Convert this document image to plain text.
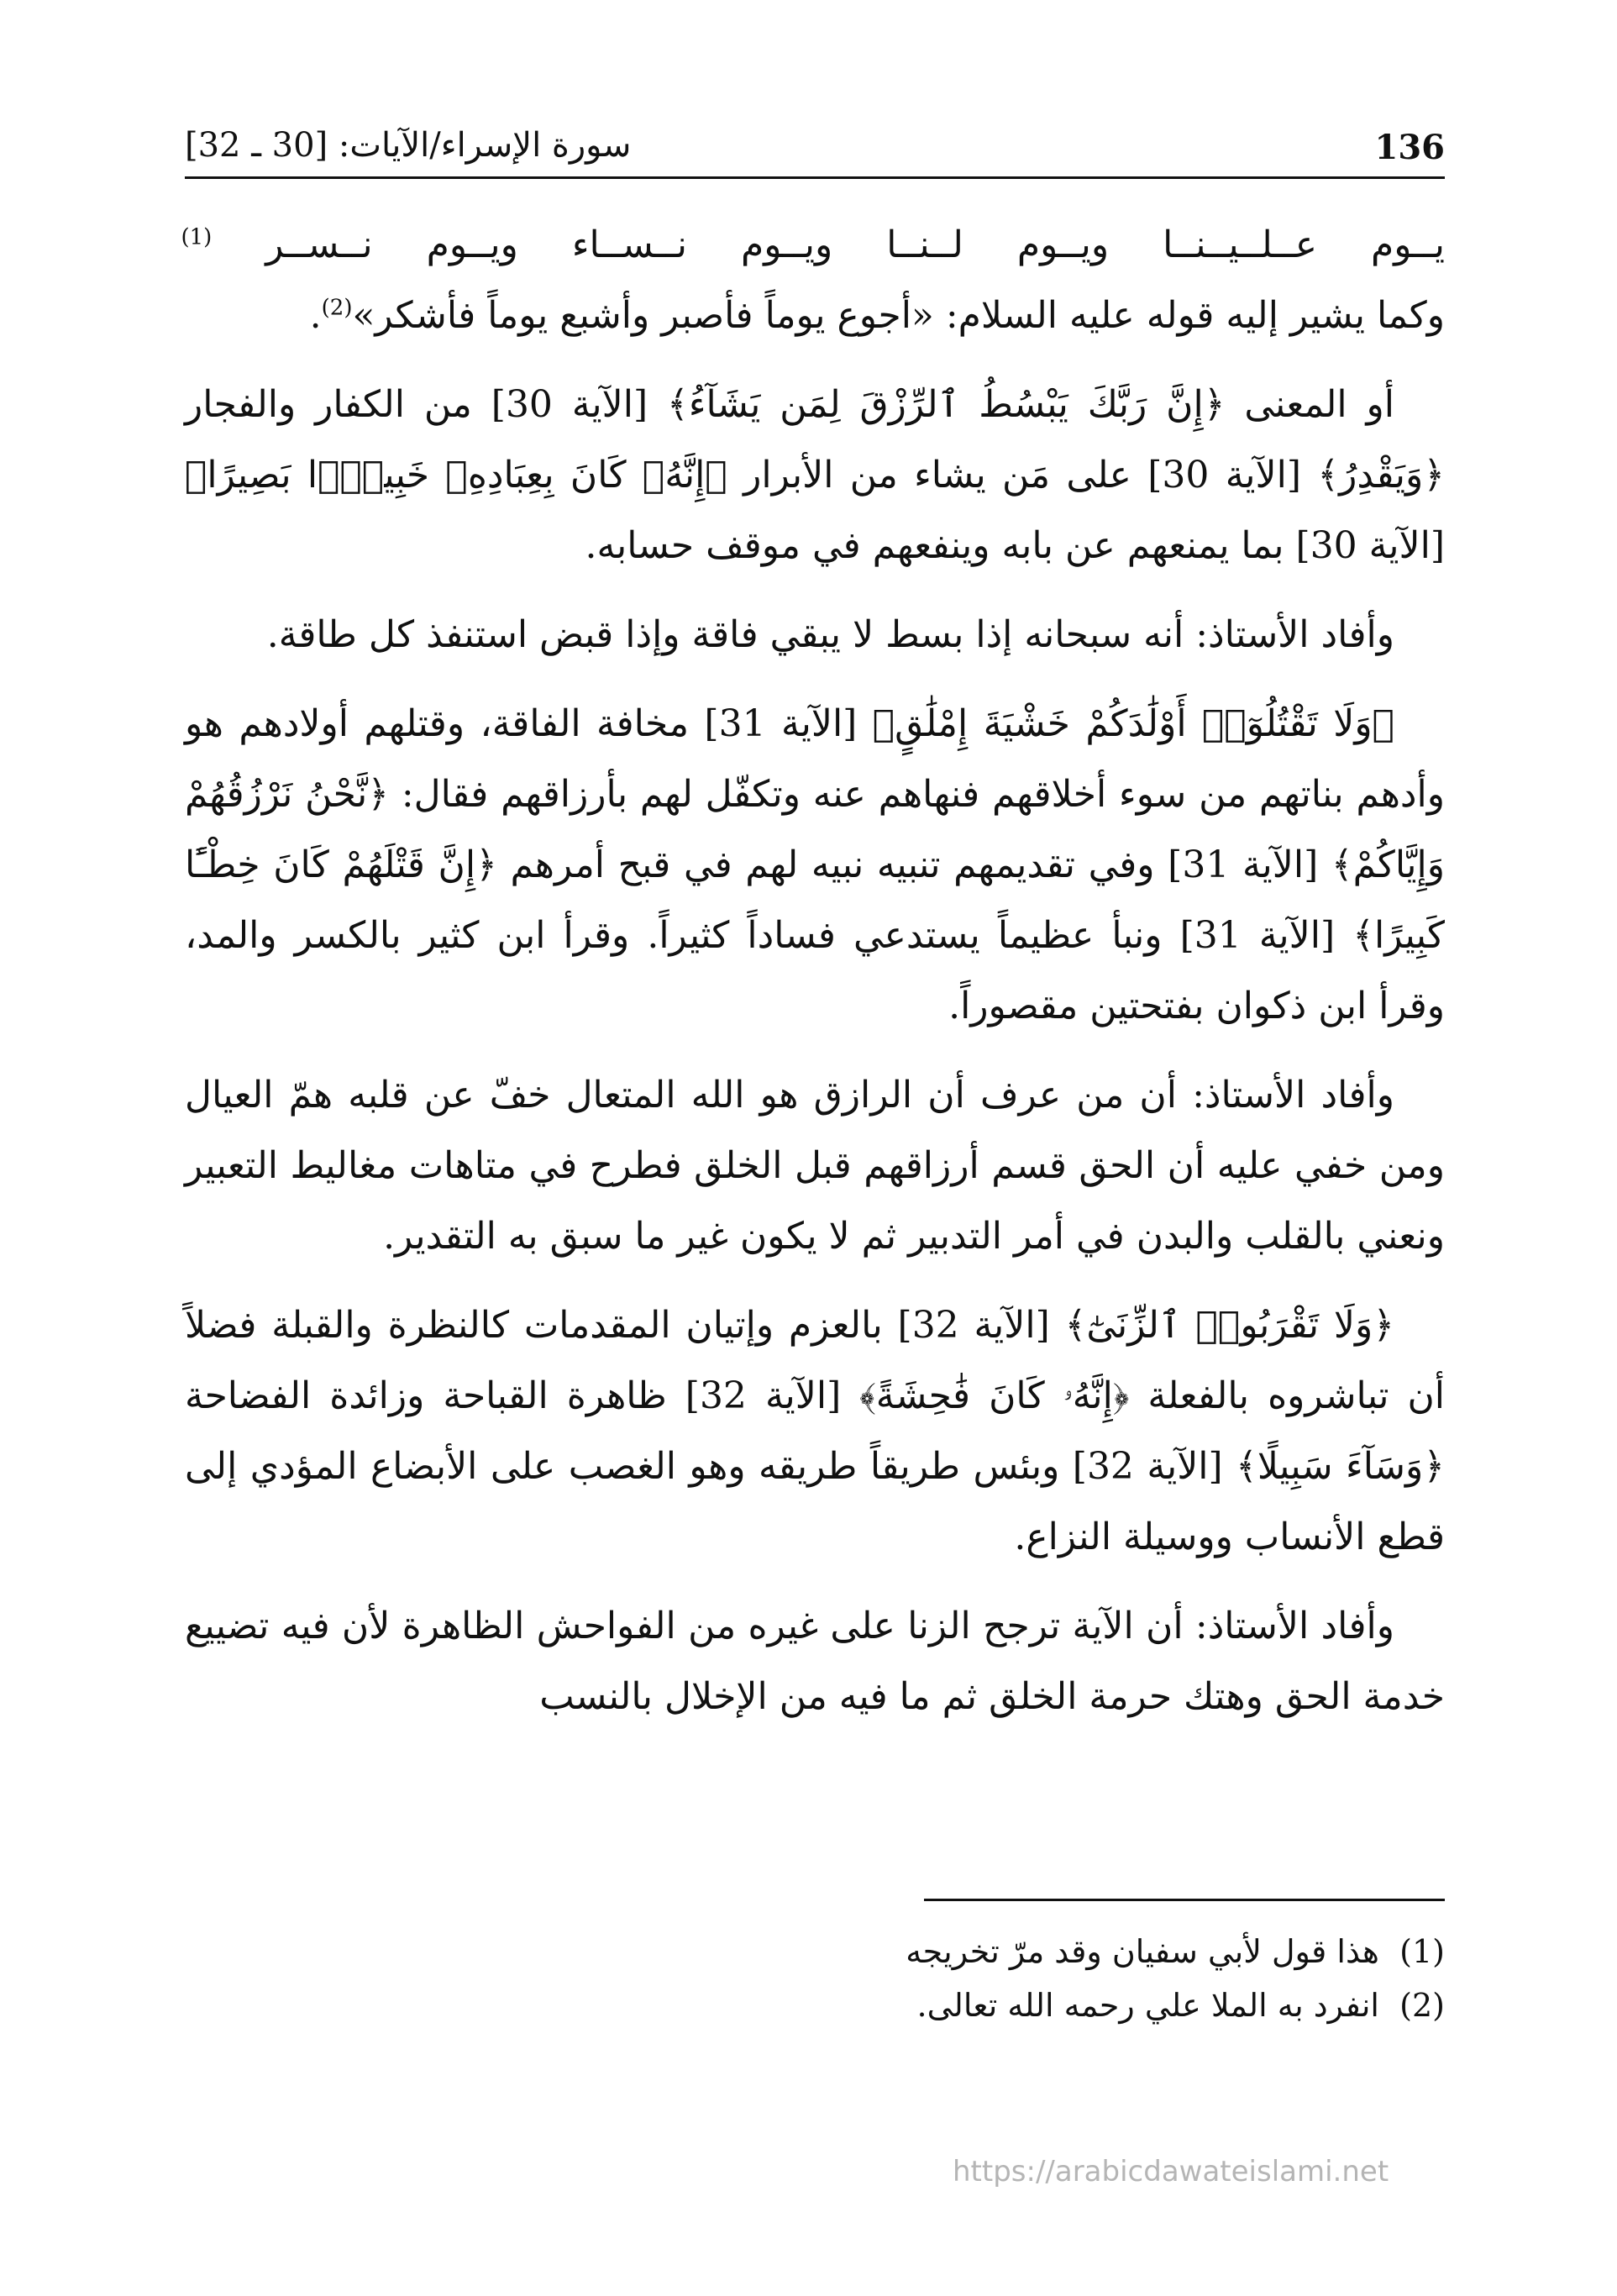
سورة الإسراء/الآيات: [30 ـ 32]	136
يــوم عــلــيــنــا ويــوم لــنــا ويــوم نــســاء ويــوم نــســر $^{(1)}$

وكما يشير إليه قوله عليه السلام: «أجوع يوماً فأصبر وأشبع يوماً فأشكر»$^{(2)}$.

أو المعنى ﴿إِنَّ رَبَّكَ يَبْسُطُ ٱلرِّزْقَ لِمَن يَشَآءُ﴾ [الآية 30] من الكفار والفجار ﴿وَيَقْدِرُ﴾ [الآية 30] على مَن يشاء من الأبرار ﴿إِنَّهُۥ كَانَ بِعِبَادِهِۦ خَبِيرًۢا بَصِيرًا﴾ [الآية 30] بما يمنعهم عن بابه وينفعهم في موقف حسابه.

وأفاد الأستاذ: أنه سبحانه إذا بسط لا يبقي فاقة وإذا قبض استنفذ كل طاقة.

﴿وَلَا تَقْتُلُوٓا۟ أَوْلَٰدَكُمْ خَشْيَةَ إِمْلَٰقٍ﴾ [الآية 31] مخافة الفاقة، وقتلهم أولادهم هو وأدهم بناتهم من سوء أخلاقهم فنهاهم عنه وتكفّل لهم بأرزاقهم فقال: ﴿نَّحْنُ نَرْزُقُهُمْ وَإِيَّاكُمْ﴾ [الآية 31] وفي تقديمهم تنبيه نبيه لهم في قبح أمرهم ﴿إِنَّ قَتْلَهُمْ كَانَ خِطْـًٔا كَبِيرًا﴾ [الآية 31] ونبأ عظيماً يستدعي فساداً كثيراً. وقرأ ابن كثير بالكسر والمد، وقرأ ابن ذكوان بفتحتين مقصوراً.

وأفاد الأستاذ: أن من عرف أن الرازق هو الله المتعال خفّ عن قلبه همّ العيال ومن خفي عليه أن الحق قسم أرزاقهم قبل الخلق فطرح في متاهات مغاليط التعبير ونعني بالقلب والبدن في أمر التدبير ثم لا يكون غير ما سبق به التقدير.

﴿وَلَا تَقْرَبُوا۟ ٱلزِّنَىٰٓ﴾ [الآية 32] بالعزم وإتيان المقدمات كالنظرة والقبلة فضلاً أن تباشروه بالفعلة ﴿إِنَّهُۥ كَانَ فَٰحِشَةً﴾ [الآية 32] ظاهرة القباحة وزائدة الفضاحة ﴿وَسَآءَ سَبِيلًا﴾ [الآية 32] وبئس طريقاً طريقه وهو الغصب على الأبضاع المؤدي إلى قطع الأنساب ووسيلة النزاع.

وأفاد الأستاذ: أن الآية ترجح الزنا على غيره من الفواحش الظاهرة لأن فيه تضييع خدمة الحق وهتك حرمة الخلق ثم ما فيه من الإخلال بالنسب

(1)  هذا قول لأبي سفيان وقد مرّ تخريجه
(2)  انفرد به الملا علي رحمه الله تعالى.
https://arabicdawateislami.net
